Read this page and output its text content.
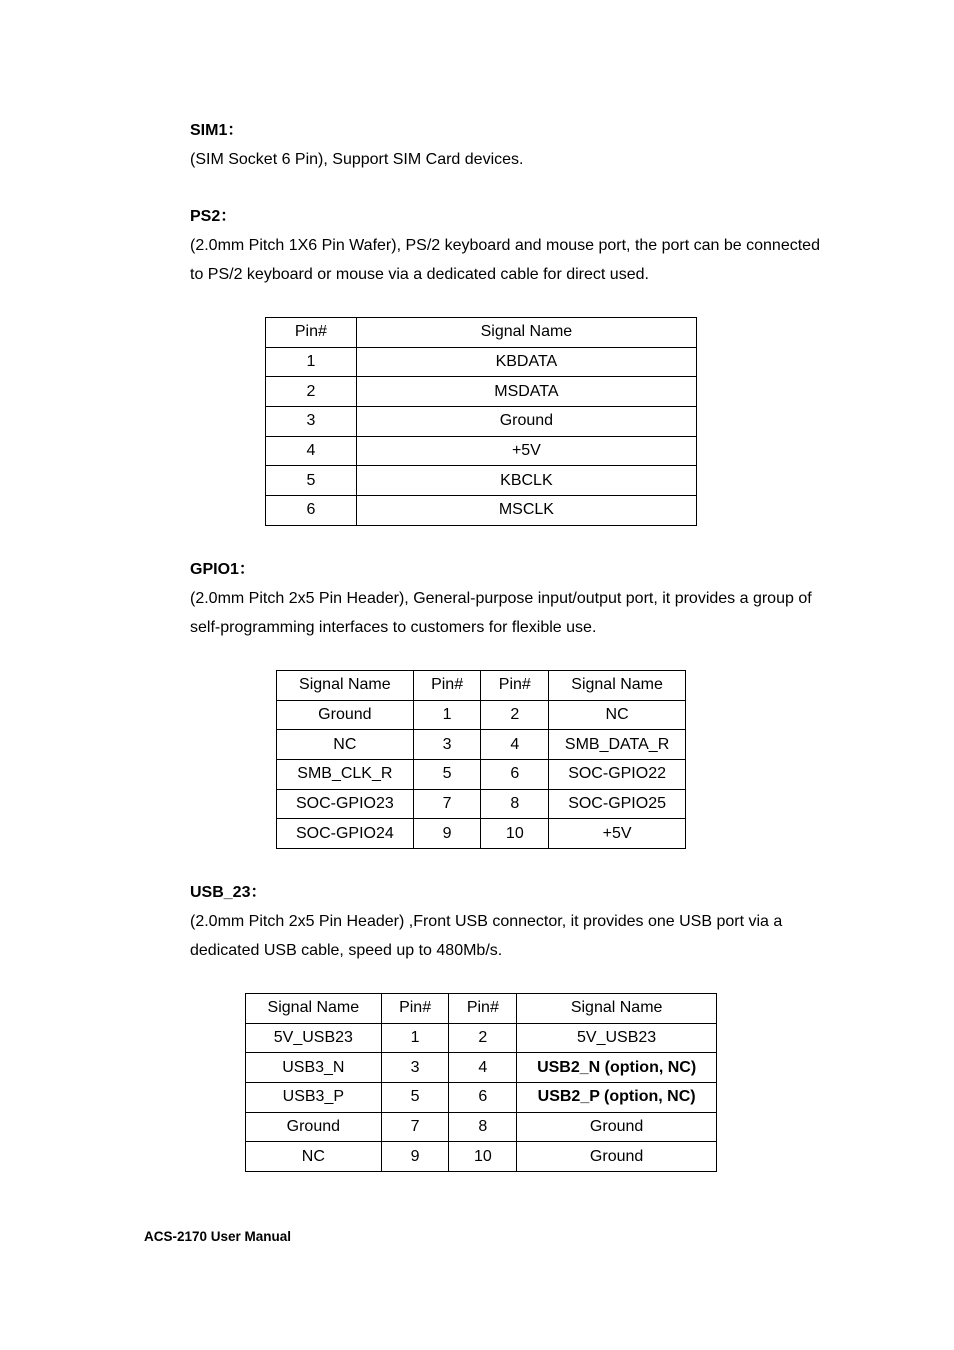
SIM1：
(SIM Socket 6 Pin), Support SIM Card devices.
PS2：
(2.0mm Pitch 1X6 Pin Wafer), PS/2 keyboard and mouse port, the port can be connected to PS/2 keyboard or mouse via a dedicated cable for direct used.
Pin#	Signal Name
1	KBDATA
2	MSDATA
3	Ground
4	+5V
5	KBCLK
6	MSCLK
GPIO1：
(2.0mm Pitch 2x5 Pin Header), General-purpose input/output port, it provides a group of self-programming interfaces to customers for flexible use.
Signal Name	Pin#	Pin#	Signal Name
Ground	1	2	NC
NC	3	4	SMB_DATA_R
SMB_CLK_R	5	6	SOC-GPIO22
SOC-GPIO23	7	8	SOC-GPIO25
SOC-GPIO24	9	10	+5V
USB_23：
(2.0mm Pitch 2x5 Pin Header) ,Front USB connector, it provides one USB port via a dedicated USB cable, speed up to 480Mb/s.
Signal Name	Pin#	Pin#	Signal Name
5V_USB23	1	2	5V_USB23
USB3_N	3	4	USB2_N (option, NC)
USB3_P	5	6	USB2_P (option, NC)
Ground	7	8	Ground
NC	9	10	Ground
ACS-2170 User Manual
